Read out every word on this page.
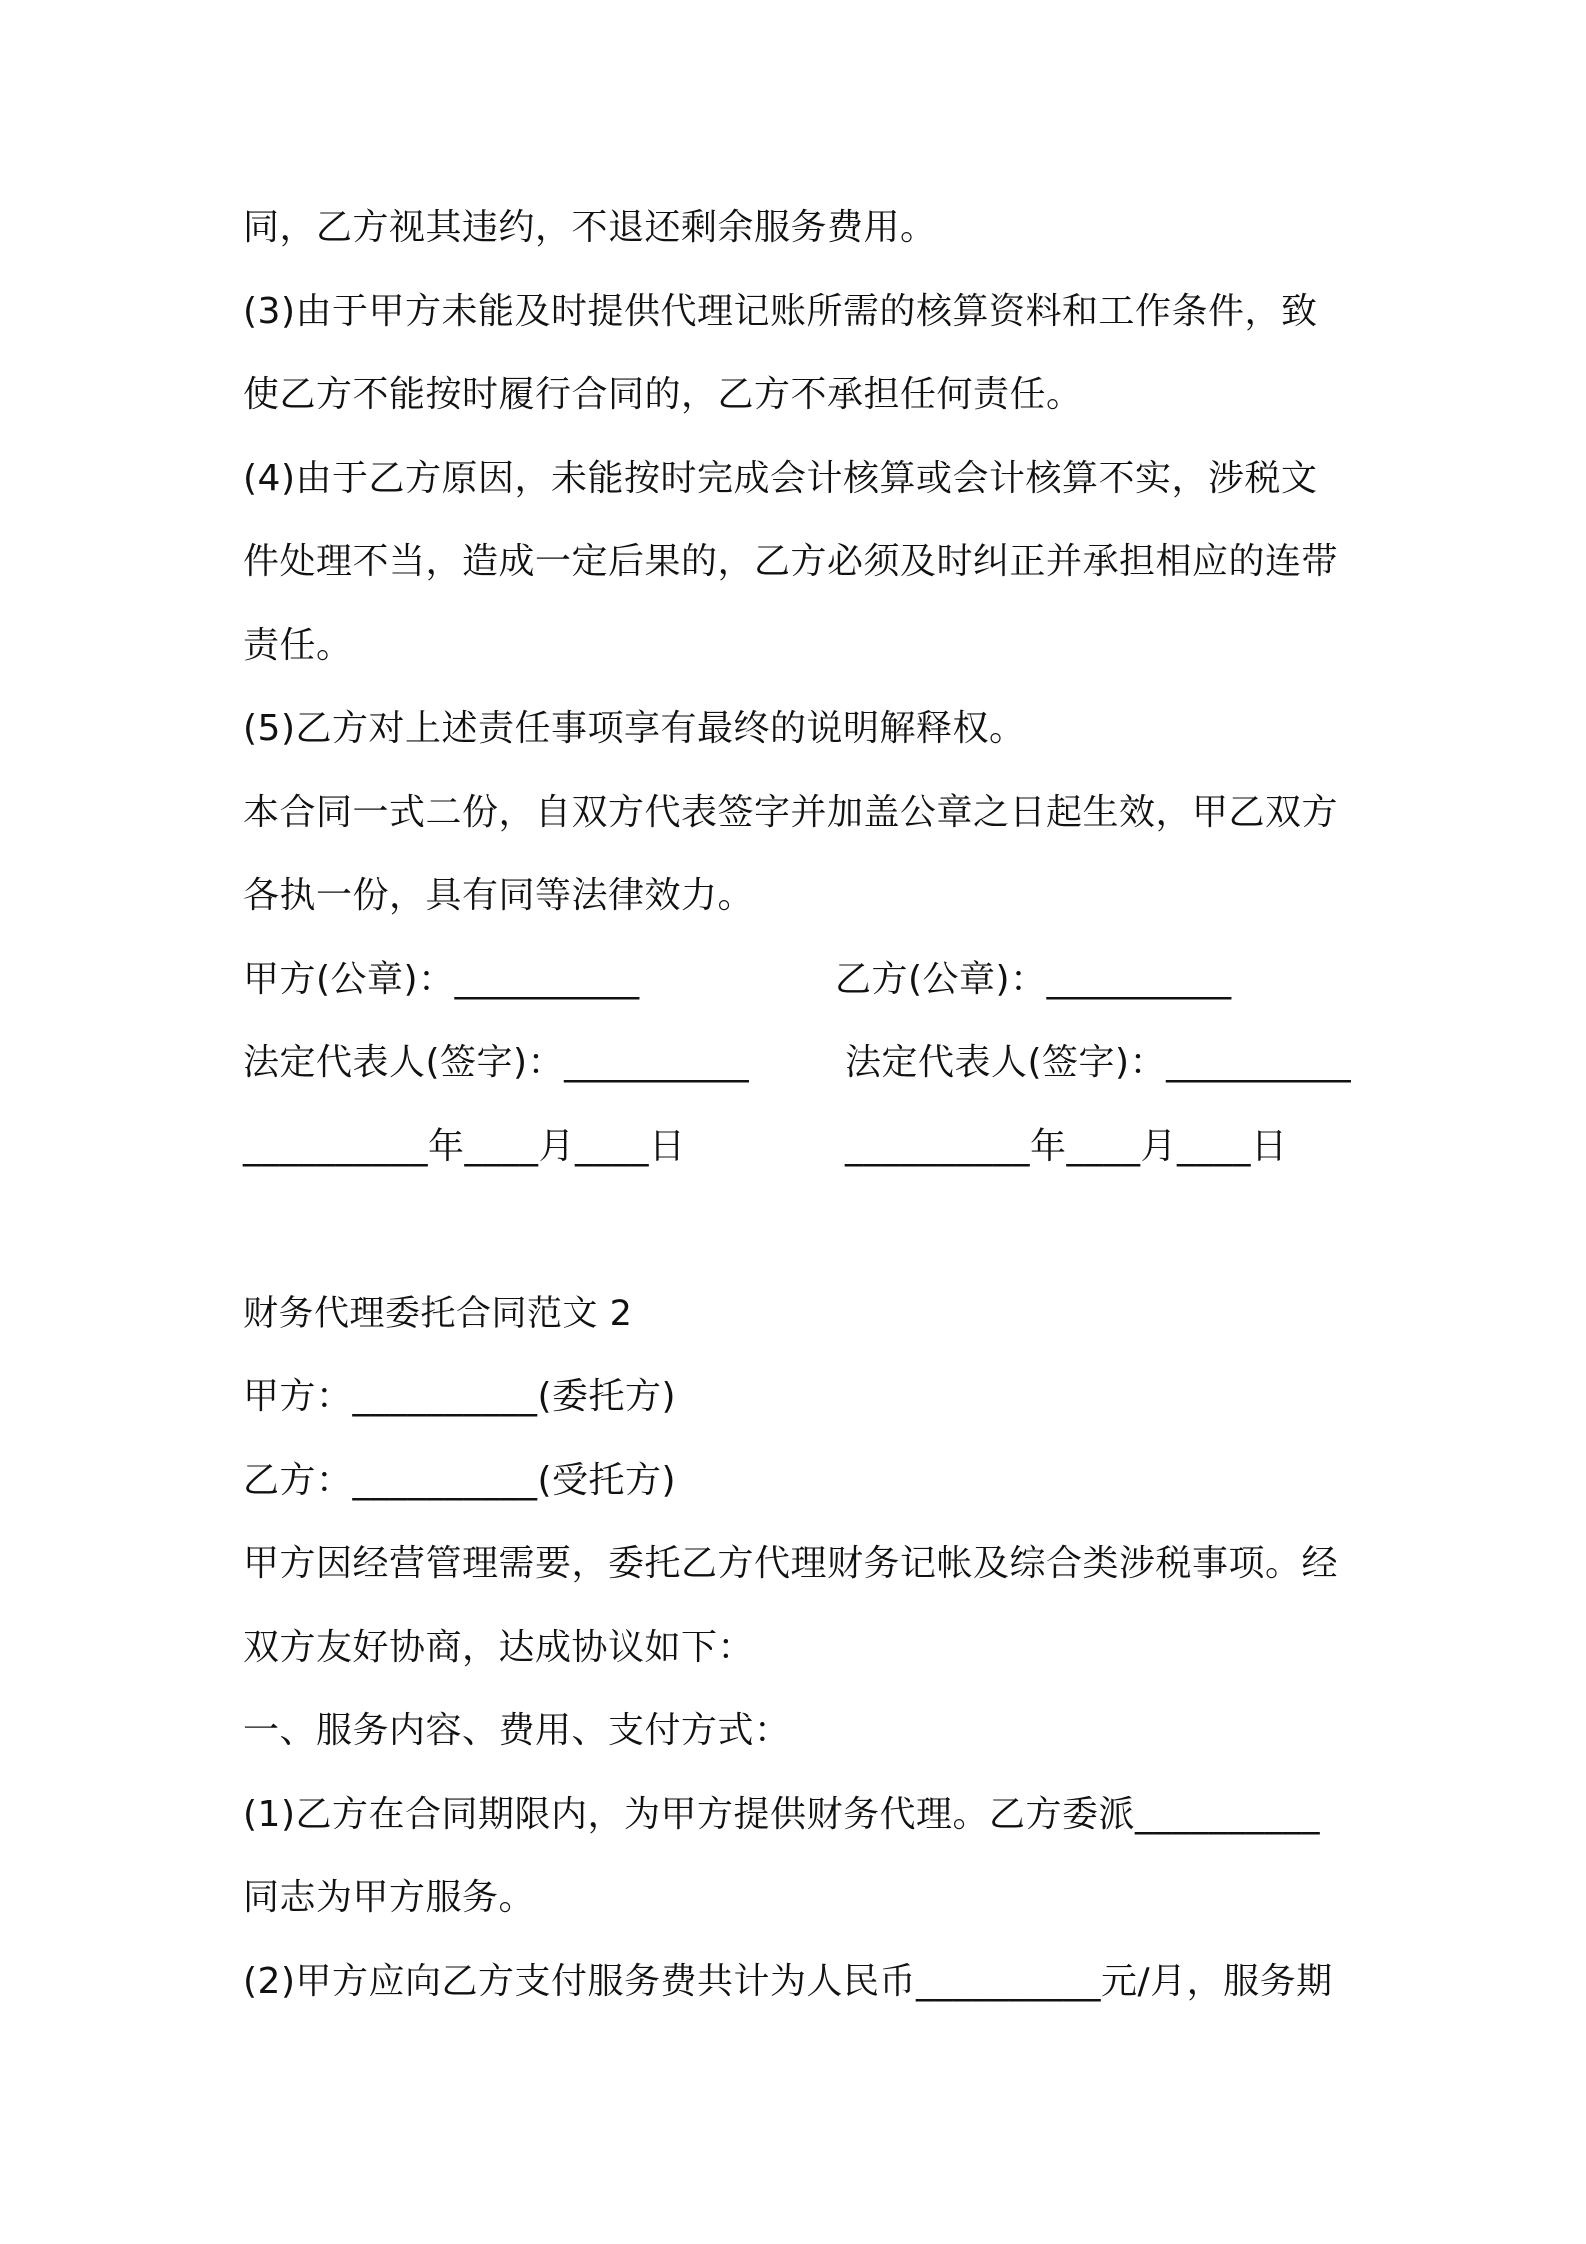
同，乙方视其违约，不退还剩余服务费用。
(3)由于甲方未能及时提供代理记账所需的核算资料和工作条件，致
使乙方不能按时履行合同的，乙方不承担任何责任。
(4)由于乙方原因，未能按时完成会计核算或会计核算不实，涉税文
件处理不当，造成一定后果的，乙方必须及时纠正并承担相应的连带
责任。
(5)乙方对上述责任事项享有最终的说明解释权。
本合同一式二份，自双方代表签字并加盖公章之日起生效，甲乙双方
各执一份，具有同等法律效力。
甲方(公章)：__________	乙方(公章)：__________
法定代表人(签字)：__________	法定代表人(签字)：__________
__________年____月____日	__________年____月____日
财务代理委托合同范文 2
甲方：__________(委托方)
乙方：__________(受托方)
甲方因经营管理需要，委托乙方代理财务记帐及综合类涉税事项。经
双方友好协商，达成协议如下：
一、服务内容、费用、支付方式：
(1)乙方在合同期限内，为甲方提供财务代理。乙方委派__________
同志为甲方服务。
(2)甲方应向乙方支付服务费共计为人民币__________元/月，服务期
